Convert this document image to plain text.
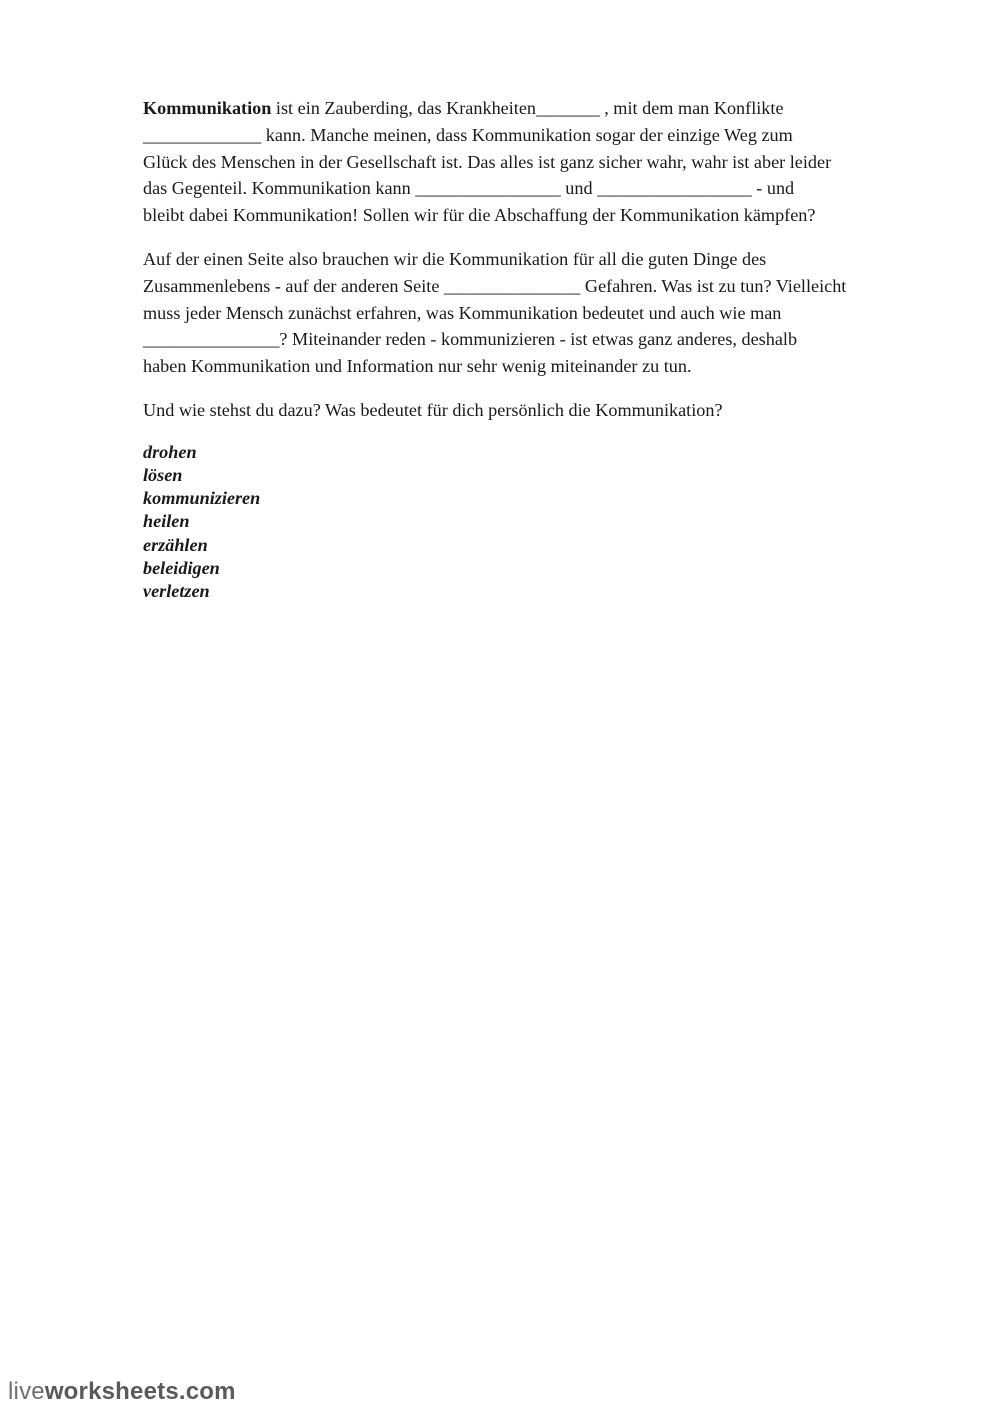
Kommunikation ist ein Zauberding, das Krankheiten_______ , mit dem man Konflikte
_____________ kann. Manche meinen, dass Kommunikation sogar der einzige Weg zum
Glück des Menschen in der Gesellschaft ist. Das alles ist ganz sicher wahr, wahr ist aber leider
das Gegenteil. Kommunikation kann ________________ und _________________ - und
bleibt dabei Kommunikation! Sollen wir für die Abschaffung der Kommunikation kämpfen?

Auf der einen Seite also brauchen wir die Kommunikation für all die guten Dinge des
Zusammenlebens - auf der anderen Seite _______________ Gefahren. Was ist zu tun? Vielleicht
muss jeder Mensch zunächst erfahren, was Kommunikation bedeutet und auch wie man
_______________? Miteinander reden - kommunizieren - ist etwas ganz anderes, deshalb
haben Kommunikation und Information nur sehr wenig miteinander zu tun.

Und wie stehst du dazu? Was bedeutet für dich persönlich die Kommunikation?

drohen
lösen
kommunizieren
heilen
erzählen
beleidigen
verletzen
liveworksheets.com
